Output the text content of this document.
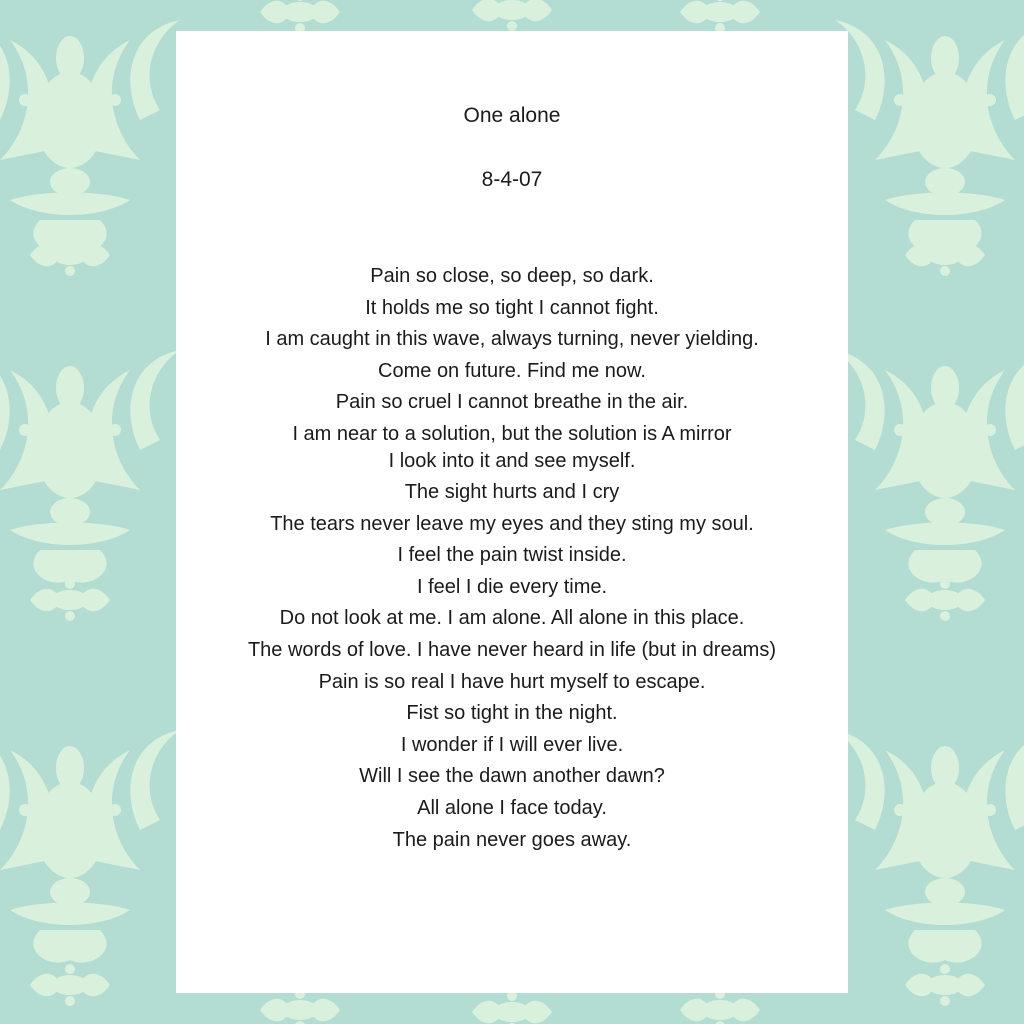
One alone
8-4-07
Pain so close, so deep, so dark.
It holds me so tight I cannot fight.
I am caught in this wave, always turning, never yielding.
Come on future. Find me now.
Pain so cruel I cannot breathe in the air.
I am near to a solution, but the solution is A mirror
I look into it and see myself.
The sight hurts and I cry
The tears never leave my eyes and they sting my soul.
I feel the pain twist inside.
I feel I die every time.
Do not look at me. I am alone. All alone in this place.
The words of love. I have never heard in life (but in dreams)
Pain is so real I have hurt myself to escape.
Fist so tight in the night.
I wonder if I will ever live.
Will I see the dawn another dawn?
All alone I face today.
The pain never goes away.
